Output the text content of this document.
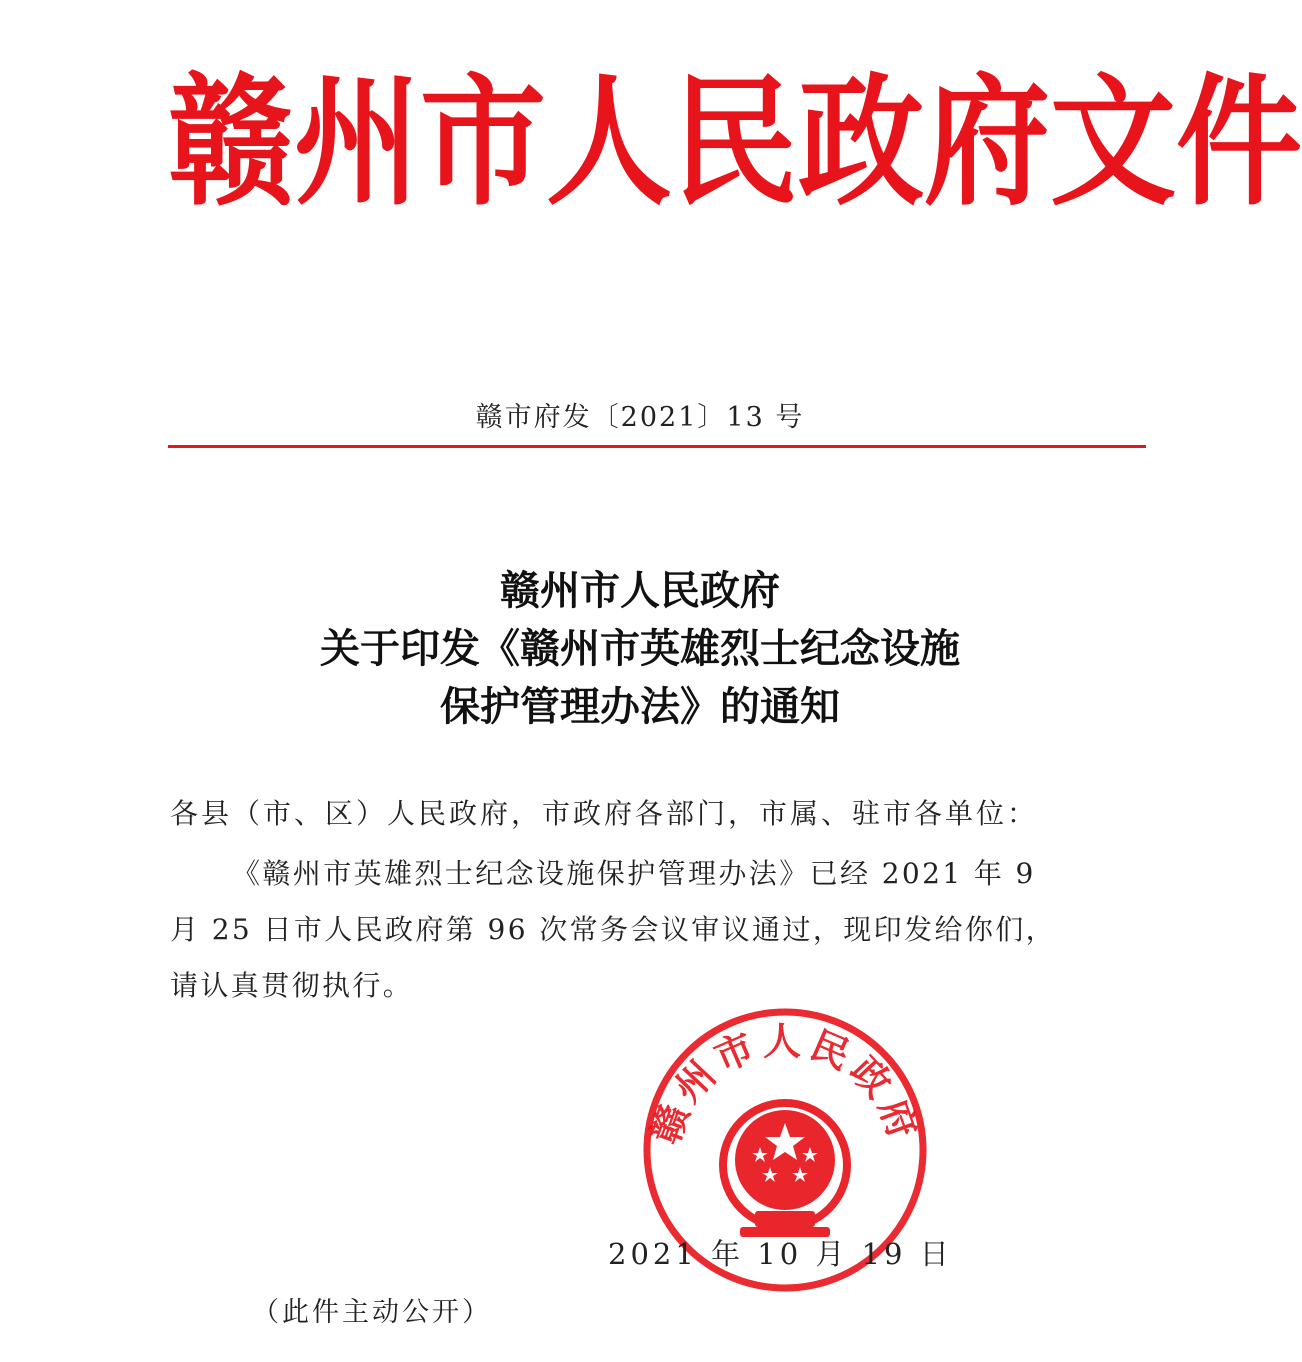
赣 州 市 人 民 政 府 文 件
赣市府发〔2021〕13 号
赣州市人民政府
关于印发《赣州市英雄烈士纪念设施
保护管理办法》的通知
各县（市、区）人民政府，市政府各部门，市属、驻市各单位：
《赣州市英雄烈士纪念设施保护管理办法》已经 2021 年 9
月 25 日市人民政府第 96 次常务会议审议通过，现印发给你们，
请认真贯彻执行。
赣州市人民政府
2021 年 10 月 19 日
（此件主动公开）
